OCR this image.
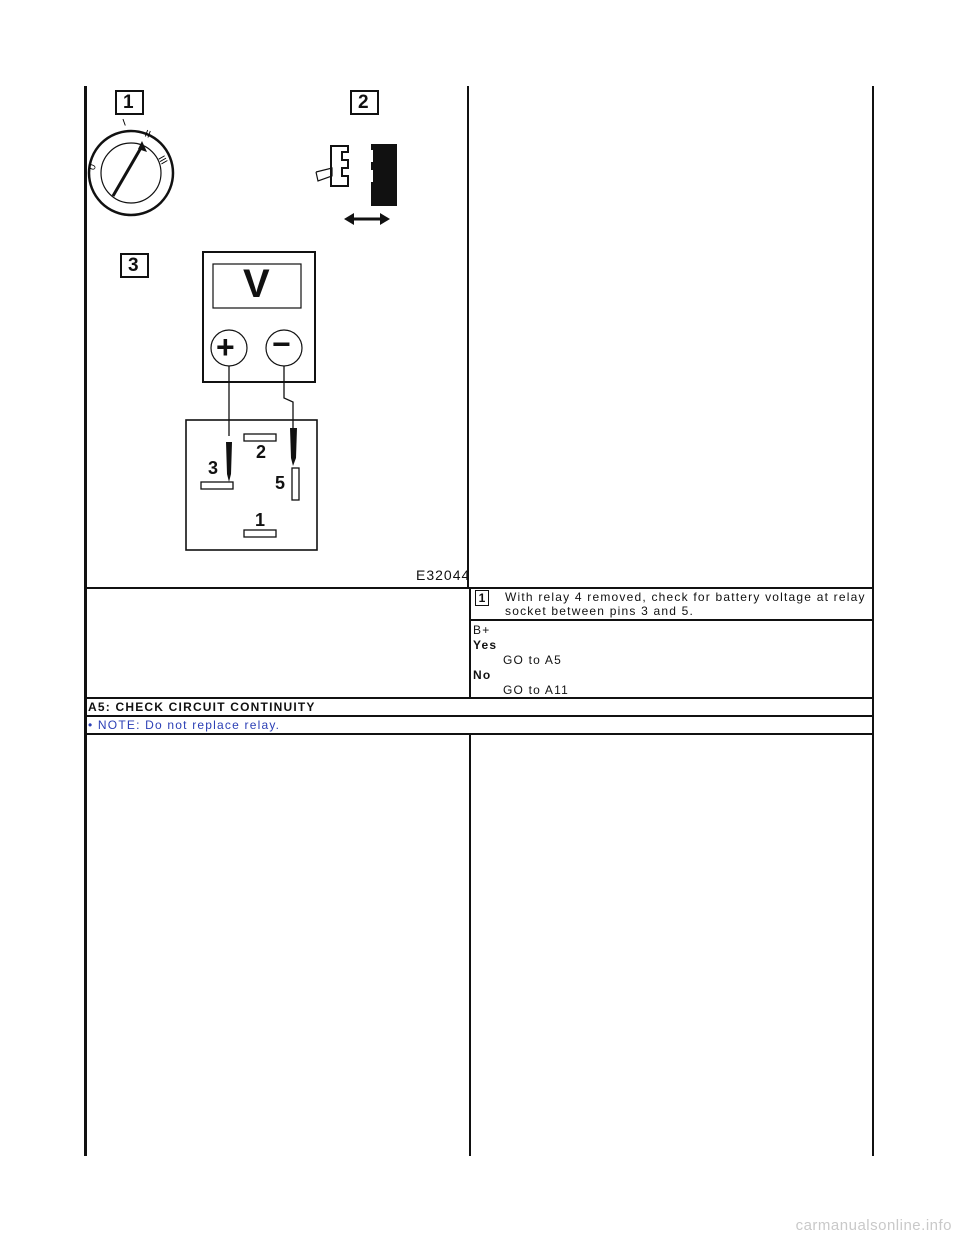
0
I
II
III
1	2
3	V
+ −
2
3
5
1
E32044
1	With relay 4 removed, check for battery voltage at relay
socket between pins 3 and 5.
B+
Yes
GO to A5
No
GO to A11
A5: CHECK CIRCUIT CONTINUITY
• NOTE: Do not replace relay.
carmanualsonline.info
